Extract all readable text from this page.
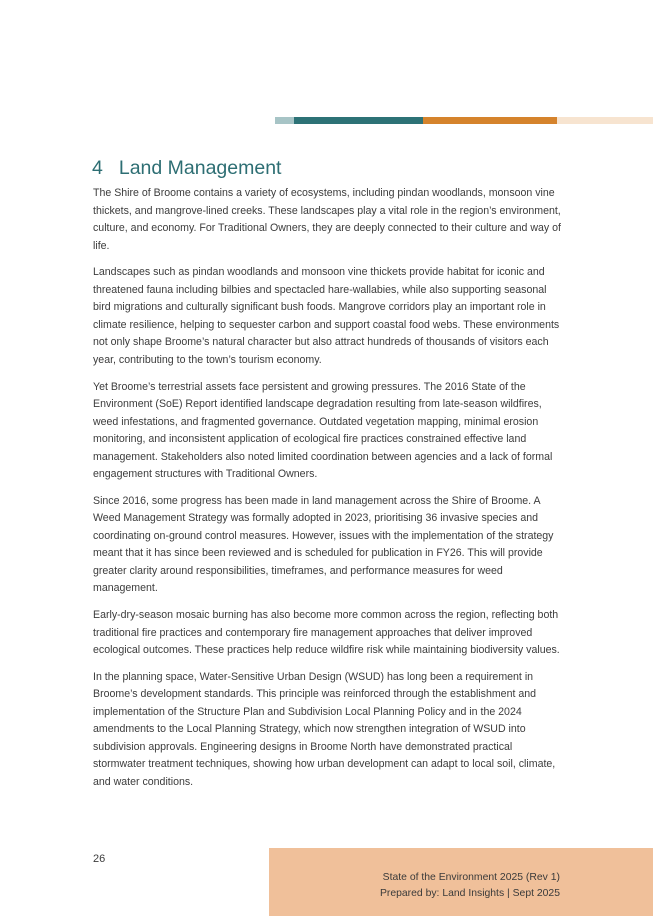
4 Land Management

The Shire of Broome contains a variety of ecosystems, including pindan woodlands, monsoon vine thickets, and mangrove-lined creeks. These landscapes play a vital role in the region’s environment, culture, and economy. For Traditional Owners, they are deeply connected to their culture and way of life.

Landscapes such as pindan woodlands and monsoon vine thickets provide habitat for iconic and threatened fauna including bilbies and spectacled hare-wallabies, while also supporting seasonal bird migrations and culturally significant bush foods. Mangrove corridors play an important role in climate resilience, helping to sequester carbon and support coastal food webs. These environments not only shape Broome’s natural character but also attract hundreds of thousands of visitors each year, contributing to the town’s tourism economy.

Yet Broome’s terrestrial assets face persistent and growing pressures. The 2016 State of the Environment (SoE) Report identified landscape degradation resulting from late-season wildfires, weed infestations, and fragmented governance. Outdated vegetation mapping, minimal erosion monitoring, and inconsistent application of ecological fire practices constrained effective land management. Stakeholders also noted limited coordination between agencies and a lack of formal engagement structures with Traditional Owners.

Since 2016, some progress has been made in land management across the Shire of Broome. A Weed Management Strategy was formally adopted in 2023, prioritising 36 invasive species and coordinating on-ground control measures. However, issues with the implementation of the strategy meant that it has since been reviewed and is scheduled for publication in FY26. This will provide greater clarity around responsibilities, timeframes, and performance measures for weed management.

Early-dry-season mosaic burning has also become more common across the region, reflecting both traditional fire practices and contemporary fire management approaches that deliver improved ecological outcomes. These practices help reduce wildfire risk while maintaining biodiversity values.

In the planning space, Water-Sensitive Urban Design (WSUD) has long been a requirement in Broome’s development standards. This principle was reinforced through the establishment and implementation of the Structure Plan and Subdivision Local Planning Policy and in the 2024 amendments to the Local Planning Strategy, which now strengthen integration of WSUD into subdivision approvals. Engineering designs in Broome North have demonstrated practical stormwater treatment techniques, showing how urban development can adapt to local soil, climate, and water conditions.

26
State of the Environment 2025 (Rev 1)
Prepared by: Land Insights | Sept 2025
